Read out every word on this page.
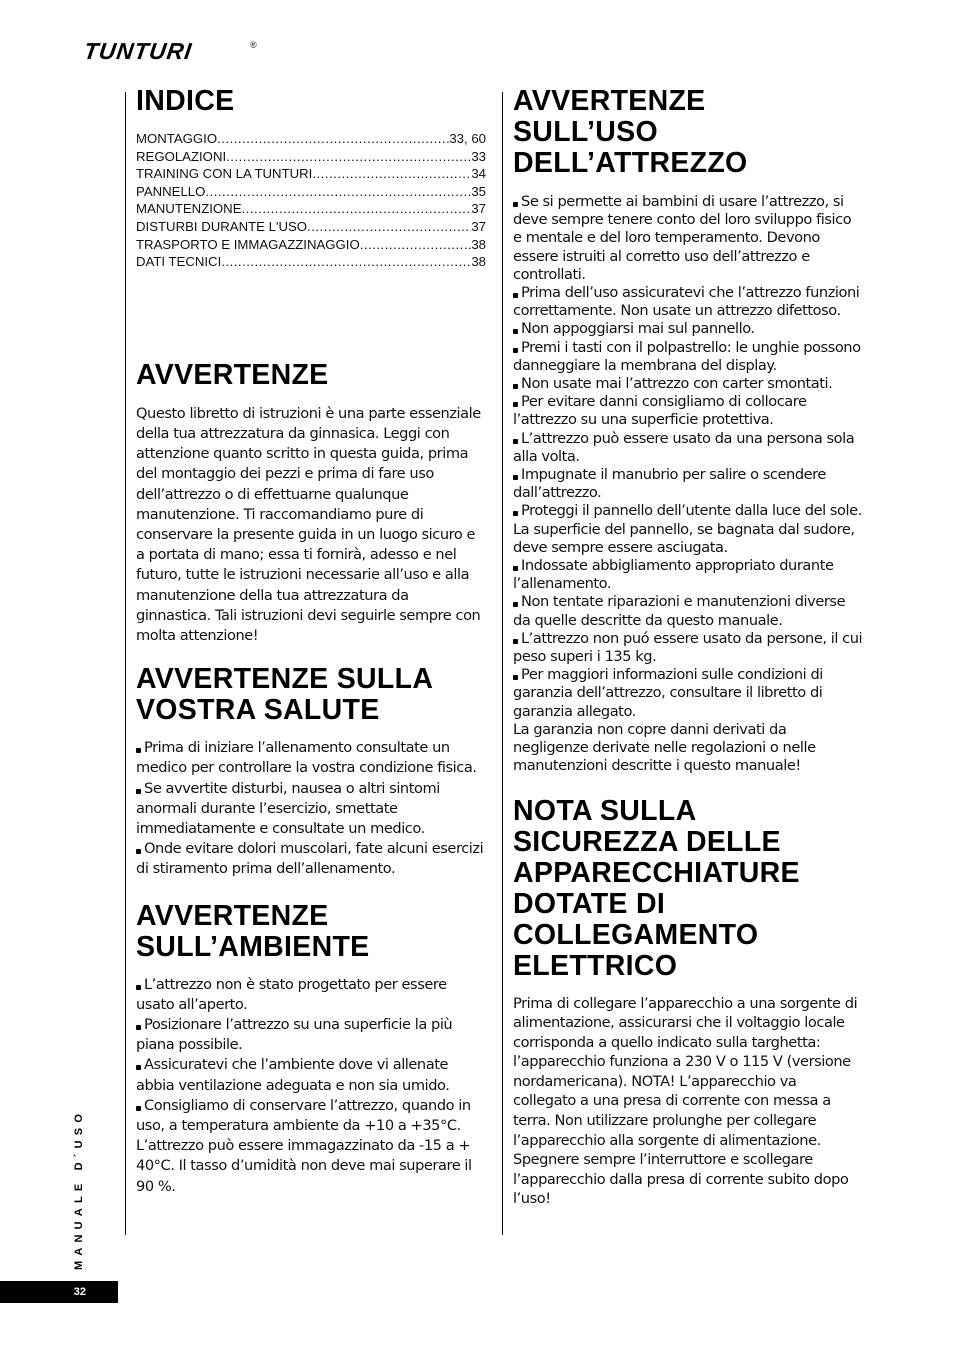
TUNTURI	®
INDICE
MONTAGGIO .....	33, 60
REGOLAZIONI .....	33
TRAINING CON LA TUNTURI .....	34
PANNELLO .....	35
MANUTENZIONE .....	37
DISTURBI DURANTE L'USO .....	37
TRASPORTO E IMMAGAZZINAGGIO .....	38
DATI TECNICI .....	38
AVVERTENZE

Questo libretto di istruzioni è una parte essenziale della tua attrezzatura da ginnasica. Leggi con attenzione quanto scritto in questa guida, prima del montaggio dei pezzi e prima di fare uso dell’attrezzo o di effettuarne qualunque manutenzione. Ti raccomandiamo pure di conservare la presente guida in un luogo sicuro e a portata di mano; essa ti fornirà, adesso e nel futuro, tutte le istruzioni necessarie all’uso e alla manutenzione della tua attrezzatura da ginnastica. Tali istruzioni devi seguirle sempre con molta attenzione!

AVVERTENZE SULLA
VOSTRA SALUTE

Prima di iniziare l’allenamento consultate un medico per controllare la vostra condizione fisica.

Se avvertite disturbi, nausea o altri sintomi anormali durante l’esercizio, smettate immediatamente e consultate un medico.

Onde evitare dolori muscolari, fate alcuni esercizi di stiramento prima dell’allenamento.

AVVERTENZE
SULL’AMBIENTE

L’attrezzo non è stato progettato per essere usato all’aperto.

Posizionare l’attrezzo su una superficie la più piana possibile.

Assicuratevi che l’ambiente dove vi allenate abbia ventilazione adeguata e non sia umido.

Consigliamo di conservare l’attrezzo, quando in uso, a temperatura ambiente da +10 a +35°C. L’attrezzo può essere immagazzinato da -15 a + 40°C. Il tasso d’umidità non deve mai superare il 90 %.

AVVERTENZE
SULL’USO
DELL’ATTREZZO

Se si permette ai bambini di usare l’attrezzo, si deve sempre tenere conto del loro sviluppo fisico e mentale e del loro temperamento. Devono essere istruiti al corretto uso dell’attrezzo e controllati.

Prima dell’uso assicuratevi che l’attrezzo funzioni correttamente. Non usate un attrezzo difettoso.

Non appoggiarsi mai sul pannello.

Premi i tasti con il polpastrello: le unghie possono danneggiare la membrana del display.

Non usate mai l’attrezzo con carter smontati.

Per evitare danni consigliamo di collocare l’attrezzo su una superficie protettiva.

L’attrezzo può essere usato da una persona sola alla volta.

Impugnate il manubrio per salire o scendere dall’attrezzo.

Proteggi il pannello dell’utente dalla luce del sole. La superficie del pannello, se bagnata dal sudore, deve sempre essere asciugata.

Indossate abbigliamento appropriato durante l’allenamento.

Non tentate riparazioni e manutenzioni diverse da quelle descritte da questo manuale.

L’attrezzo non puó essere usato da persone, il cui peso superi i 135 kg.

Per maggiori informazioni sulle condizioni di garanzia dell’attrezzo, consultare il libretto di garanzia allegato.

La garanzia non copre danni derivati da negligenze derivate nelle regolazioni o nelle manutenzioni descritte i questo manuale!

NOTA SULLA
SICUREZZA DELLE
APPARECCHIATURE
DOTATE DI
COLLEGAMENTO
ELETTRICO

Prima di collegare l’apparecchio a una sorgente di alimentazione, assicurarsi che il voltaggio locale corrisponda a quello indicato sulla targhetta: l’apparecchio funziona a 230 V o 115 V (versione nordamericana). NOTA! L’apparecchio va collegato a una presa di corrente con messa a terra. Non utilizzare prolunghe per collegare l’apparecchio alla sorgente di alimentazione. Spegnere sempre l’interruttore e scollegare l’apparecchio dalla presa di corrente subito dopo l’uso!

MANUALE D´USO
32
